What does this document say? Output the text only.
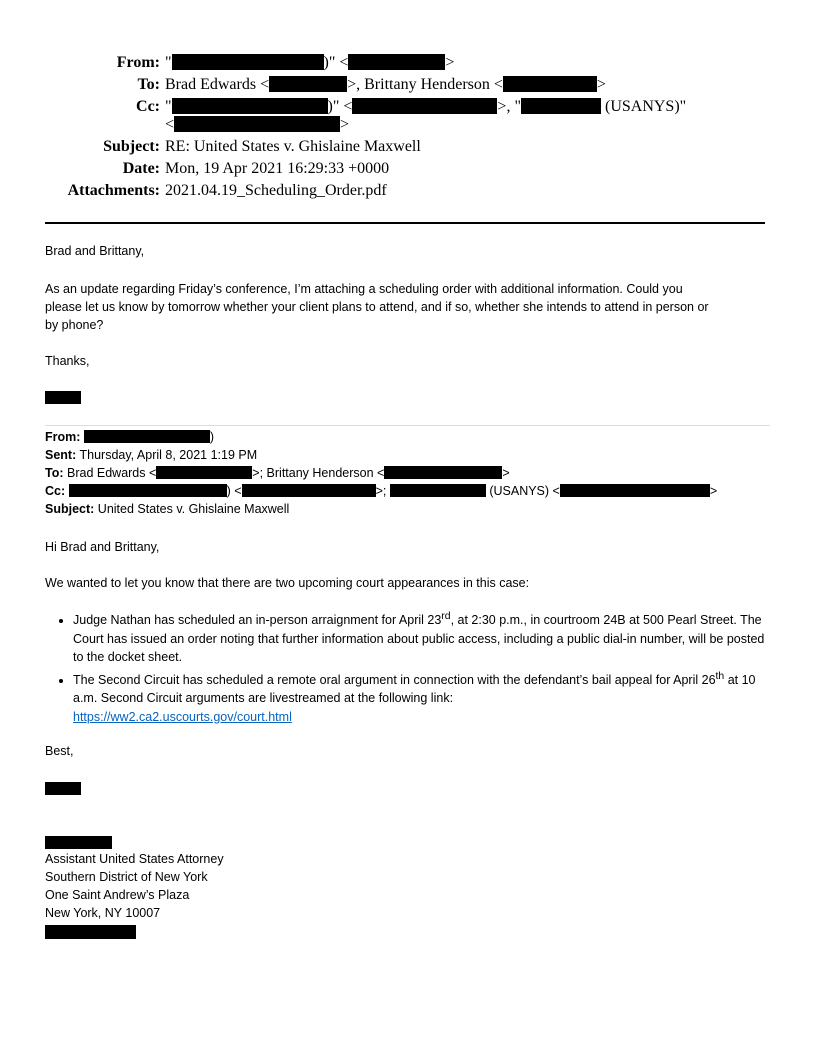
From: "	)" <	>
To: Brad Edwards <	>, Brittany Henderson <	>
Cc: "	)" <	>, "	(USANYS)"
<	>
Subject: RE: United States v. Ghislaine Maxwell
Date: Mon, 19 Apr 2021 16:29:33 +0000
Attachments: 2021.04.19_Scheduling_Order.pdf
Brad and Brittany,
As an update regarding Friday’s conference, I’m attaching a scheduling order with additional information. Could you
please let us know by tomorrow whether your client plans to attend, and if so, whether she intends to attend in person or
by phone?
Thanks,
From:	)
Sent: Thursday, April 8, 2021 1:19 PM
To: Brad Edwards <	>; Brittany Henderson <	>
Cc:	) <	>;	(USANYS) <	>
Subject: United States v. Ghislaine Maxwell
Hi Brad and Brittany,
We wanted to let you know that there are two upcoming court appearances in this case:
• Judge Nathan has scheduled an in-person arraignment for April 23rd, at 2:30 p.m., in courtroom 24B at 500 Pearl Street. The Court has issued an order noting that further information about public access, including a public dial-in number, will be posted to the docket sheet.
• The Second Circuit has scheduled a remote oral argument in connection with the defendant’s bail appeal for April 26th at 10 a.m. Second Circuit arguments are livestreamed at the following link:
https://ww2.ca2.uscourts.gov/court.html
Best,
Assistant United States Attorney
Southern District of New York
One Saint Andrew’s Plaza
New York, NY 10007
